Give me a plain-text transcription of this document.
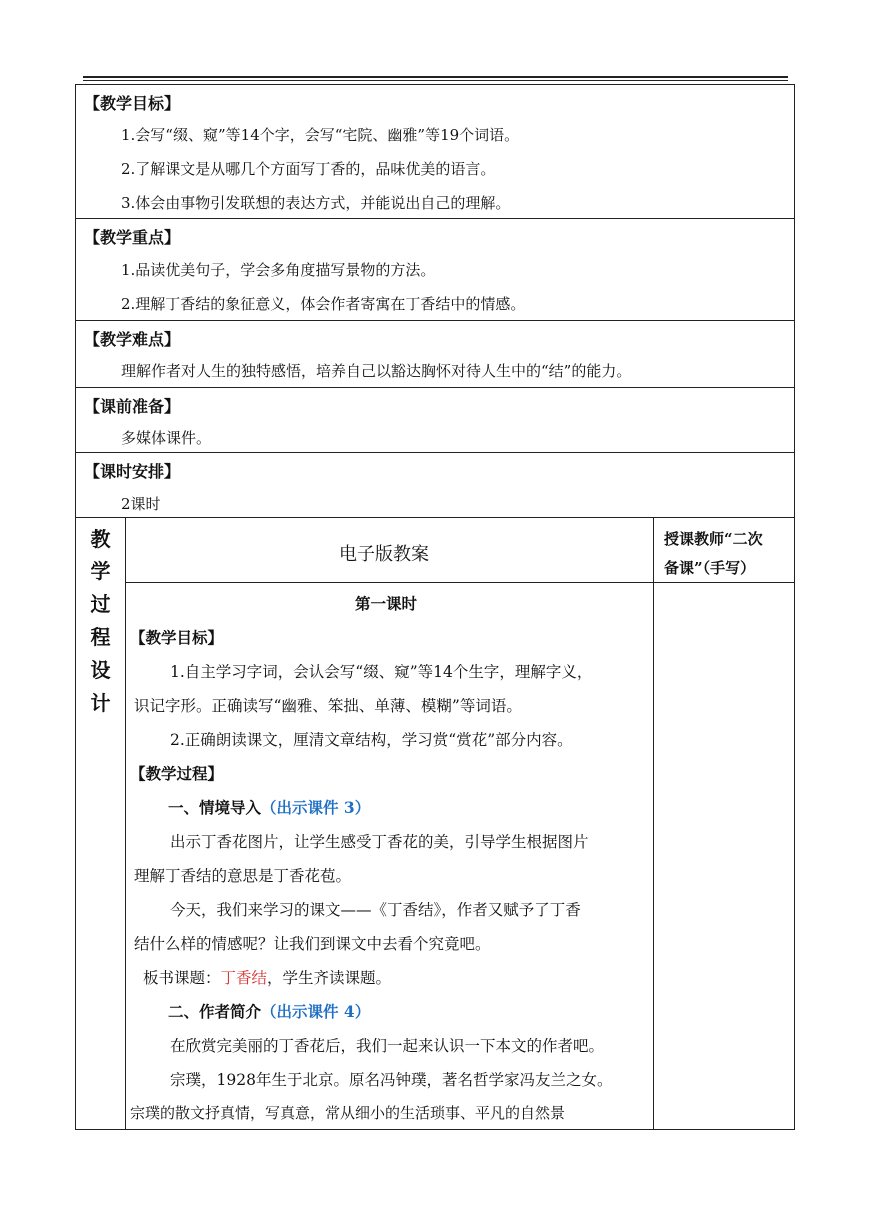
【教学目标】
1.会写“缀、窥”等14个字，会写“宅院、幽雅”等19个词语。
2.了解课文是从哪几个方面写丁香的，品味优美的语言。
3.体会由事物引发联想的表达方式，并能说出自己的理解。
【教学重点】
1.品读优美句子，学会多角度描写景物的方法。
2.理解丁香结的象征意义，体会作者寄寓在丁香结中的情感。
【教学难点】
理解作者对人生的独特感悟，培养自己以豁达胸怀对待人生中的“结”的能力。
【课前准备】
多媒体课件。
【课时安排】
2课时
教
学
过
程
设
计
电子版教案
授课教师“二次
备课”（手写）
第一课时
【教学目标】
1.自主学习字词，会认会写“缀、窥”等14个生字，理解字义，
识记字形。正确读写“幽雅、笨拙、单薄、模糊”等词语。
2.正确朗读课文，厘清文章结构，学习赏“赏花”部分内容。
【教学过程】
一、情境导入（出示课件 3）
出示丁香花图片，让学生感受丁香花的美，引导学生根据图片
理解丁香结的意思是丁香花苞。
今天，我们来学习的课文——《丁香结》，作者又赋予了丁香
结什么样的情感呢？让我们到课文中去看个究竟吧。
板书课题：丁香结，学生齐读课题。
二、作者简介（出示课件 4）
在欣赏完美丽的丁香花后，我们一起来认识一下本文的作者吧。
宗璞，1928年生于北京。原名冯钟璞，著名哲学家冯友兰之女。
宗璞的散文抒真情，写真意，常从细小的生活琐事、平凡的自然景
